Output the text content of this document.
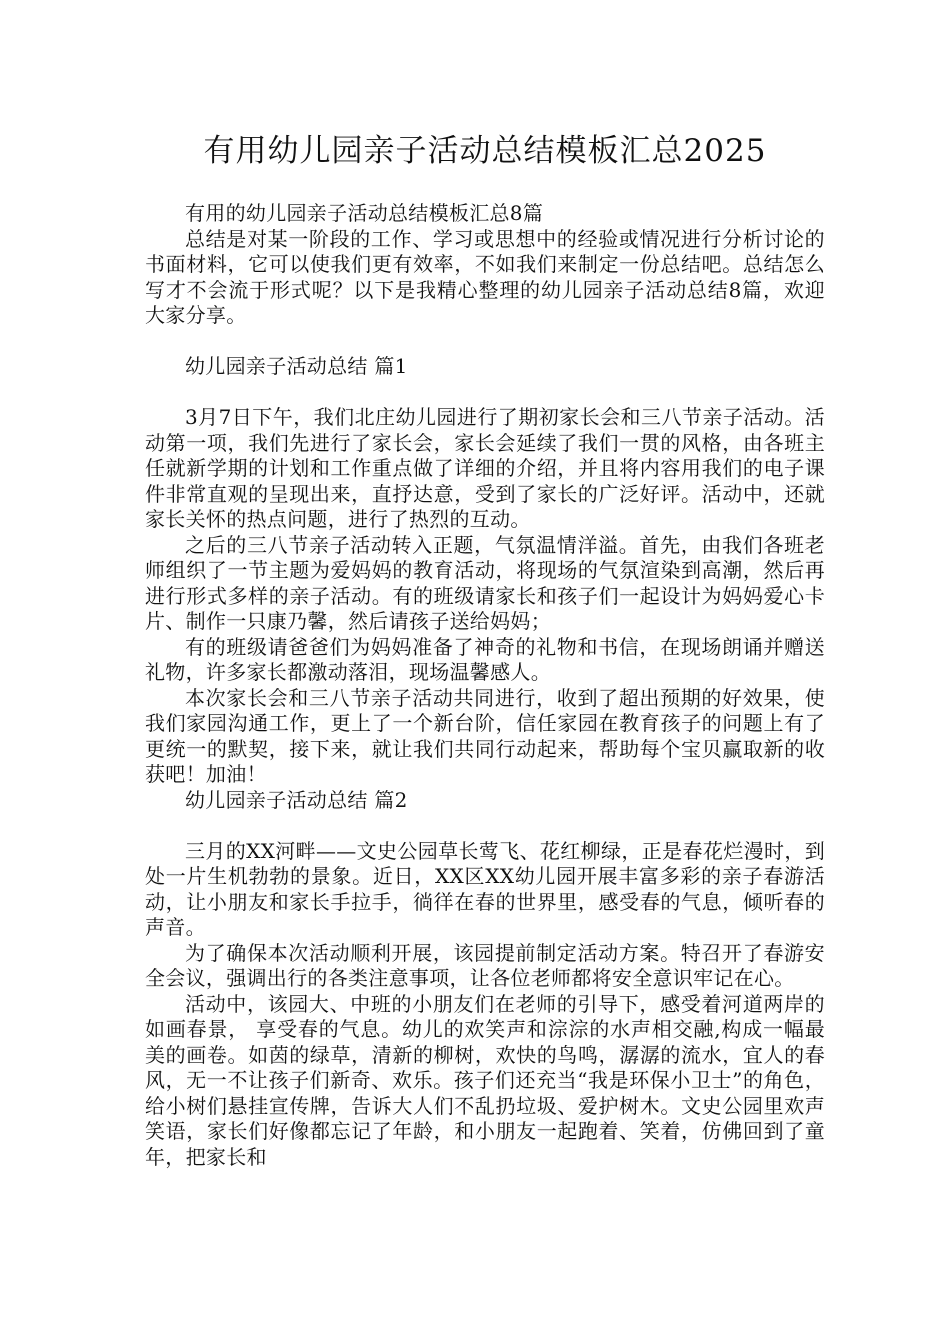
有用幼儿园亲子活动总结模板汇总2025

有用的幼儿园亲子活动总结模板汇总8篇

总结是对某一阶段的工作、学习或思想中的经验或情况进行分析讨论的书面材料，它可以使我们更有效率，不如我们来制定一份总结吧。总结怎么写才不会流于形式呢？以下是我精心整理的幼儿园亲子活动总结8篇，欢迎大家分享。

幼儿园亲子活动总结 篇1

3月7日下午，我们北庄幼儿园进行了期初家长会和三八节亲子活动。活动第一项，我们先进行了家长会，家长会延续了我们一贯的风格，由各班主任就新学期的计划和工作重点做了详细的介绍，并且将内容用我们的电子课件非常直观的呈现出来，直抒达意，受到了家长的广泛好评。活动中，还就家长关怀的热点问题，进行了热烈的互动。

之后的三八节亲子活动转入正题，气氛温情洋溢。首先，由我们各班老师组织了一节主题为爱妈妈的教育活动，将现场的气氛渲染到高潮，然后再进行形式多样的亲子活动。有的班级请家长和孩子们一起设计为妈妈爱心卡片、制作一只康乃馨，然后请孩子送给妈妈；

有的班级请爸爸们为妈妈准备了神奇的礼物和书信，在现场朗诵并赠送礼物，许多家长都激动落泪，现场温馨感人。

本次家长会和三八节亲子活动共同进行，收到了超出预期的好效果，使我们家园沟通工作，更上了一个新台阶，信任家园在教育孩子的问题上有了更统一的默契，接下来，就让我们共同行动起来，帮助每个宝贝赢取新的收获吧！加油！

幼儿园亲子活动总结 篇2

三月的XX河畔——文史公园草长莺飞、花红柳绿，正是春花烂漫时，到处一片生机勃勃的景象。近日，XX区XX幼儿园开展丰富多彩的亲子春游活动，让小朋友和家长手拉手，徜徉在春的世界里，感受春的气息，倾听春的声音。

为了确保本次活动顺利开展，该园提前制定活动方案。特召开了春游安全会议，强调出行的各类注意事项，让各位老师都将安全意识牢记在心。

活动中，该园大、中班的小朋友们在老师的引导下，感受着河道两岸的如画春景， 享受春的气息。幼儿的欢笑声和淙淙的水声相交融,构成一幅最美的画卷。如茵的绿草，清新的柳树，欢快的鸟鸣，潺潺的流水，宜人的春风，无一不让孩子们新奇、欢乐。孩子们还充当“我是环保小卫士”的角色，给小树们悬挂宣传牌，告诉大人们不乱扔垃圾、爱护树木。文史公园里欢声笑语，家长们好像都忘记了年龄，和小朋友一起跑着、笑着，仿佛回到了童年，把家长和
